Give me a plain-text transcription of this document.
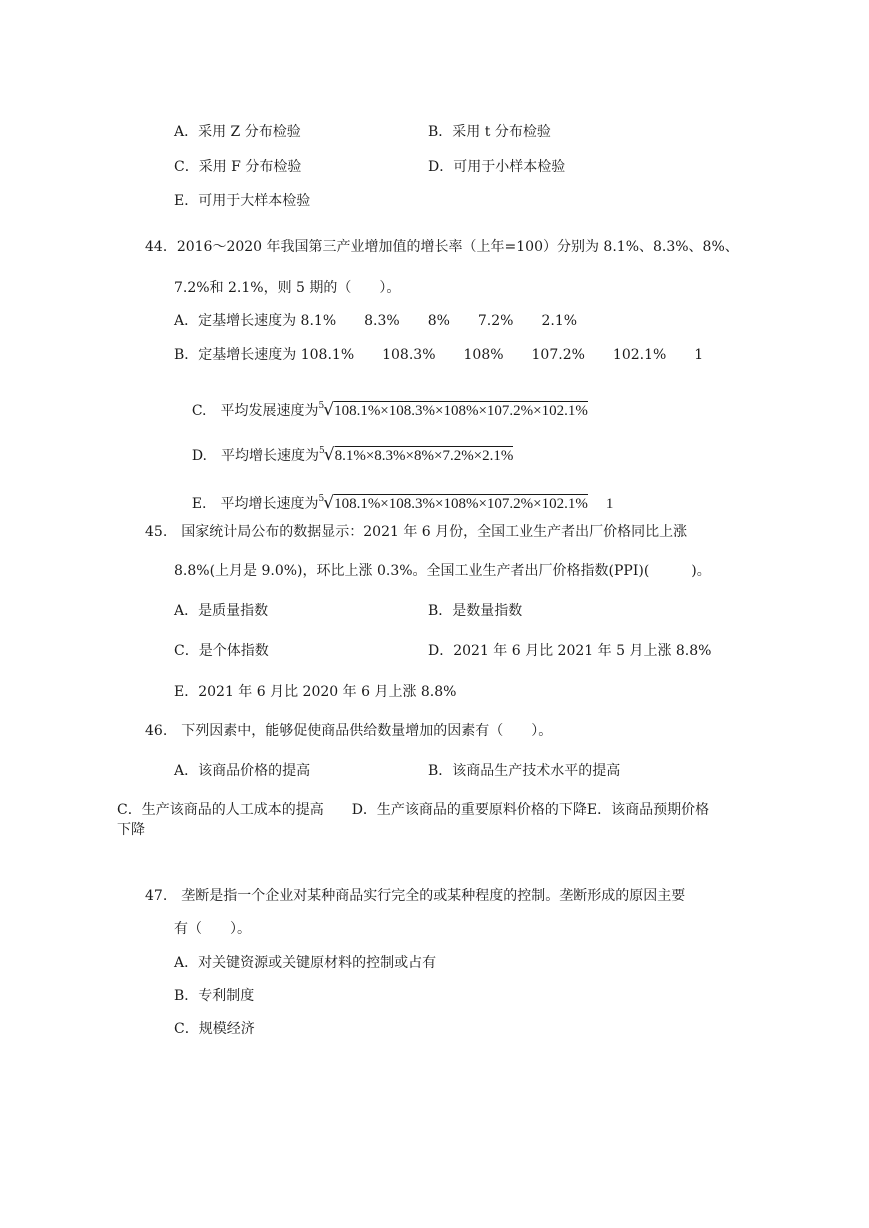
A．采用 Z 分布检验	B．采用 t 分布检验
C．采用 F 分布检验	D．可用于小样本检验
E．可用于大样本检验
44．2016～2020 年我国第三产业增加值的增长率（上年=100）分别为 8.1%、8.3%、8%、
7.2%和 2.1%，则 5 期的（　　）。
A．定基增长速度为 8.1%　　8.3%　　8%　　7.2%　　2.1%
B．定基增长速度为 108.1%　　108.3%　　108%　　107.2%　　102.1%　　1

C.　平均发展速度为$^5$√108.1%×108.3%×108%×107.2%×102.1%

D.　平均增长速度为$^5$√8.1%×8.3%×8%×7.2%×2.1%

E.　平均增长速度为$^5$√108.1%×108.3%×108%×107.2%×102.1% 1

45.　国家统计局公布的数据显示：2021 年 6 月份，全国工业生产者出厂价格同比上涨
8.8%(上月是 9.0%)，环比上涨 0.3%。全国工业生产者出厂价格指数(PPI)(　　　)。
A．是质量指数	B．是数量指数
C．是个体指数	D．2021 年 6 月比 2021 年 5 月上涨 8.8%
E．2021 年 6 月比 2020 年 6 月上涨 8.8%
46.　下列因素中，能够促使商品供给数量增加的因素有（　　）。
A．该商品价格的提高	B．该商品生产技术水平的提高
C．生产该商品的人工成本的提高　　D．生产该商品的重要原料价格的下降E．该商品预期价格
下降
47.　垄断是指一个企业对某种商品实行完全的或某种程度的控制。垄断形成的原因主要
有（　　）。
A．对关键资源或关键原材料的控制或占有
B．专利制度
C．规模经济
